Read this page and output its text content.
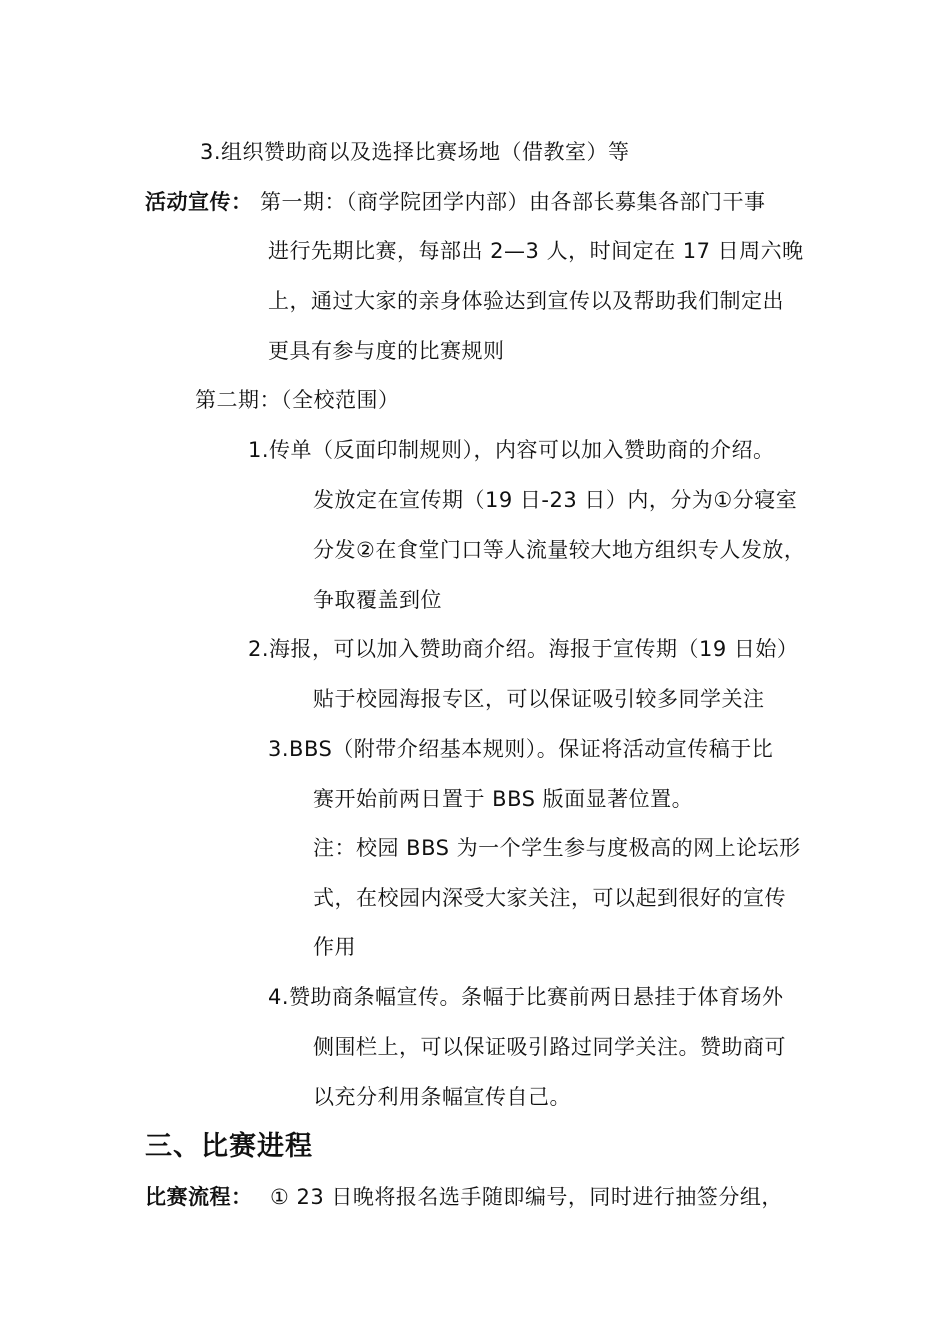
3.组织赞助商以及选择比赛场地（借教室）等
活动宣传： 第一期：（商学院团学内部）由各部长募集各部门干事
进行先期比赛，每部出 2—3 人，时间定在 17 日周六晚
上，通过大家的亲身体验达到宣传以及帮助我们制定出
更具有参与度的比赛规则
第二期：（全校范围）
1.传单（反面印制规则），内容可以加入赞助商的介绍。
发放定在宣传期（19 日-23 日）内，分为①分寝室
分发②在食堂门口等人流量较大地方组织专人发放，
争取覆盖到位
2.海报，可以加入赞助商介绍。海报于宣传期（19 日始）
贴于校园海报专区，可以保证吸引较多同学关注
3.BBS（附带介绍基本规则）。保证将活动宣传稿于比
赛开始前两日置于 BBS 版面显著位置。
注：校园 BBS 为一个学生参与度极高的网上论坛形
式，在校园内深受大家关注，可以起到很好的宣传
作用
4.赞助商条幅宣传。条幅于比赛前两日悬挂于体育场外
侧围栏上，可以保证吸引路过同学关注。赞助商可
以充分利用条幅宣传自己。
三、比赛进程
比赛流程： ① 23 日晚将报名选手随即编号，同时进行抽签分组，
